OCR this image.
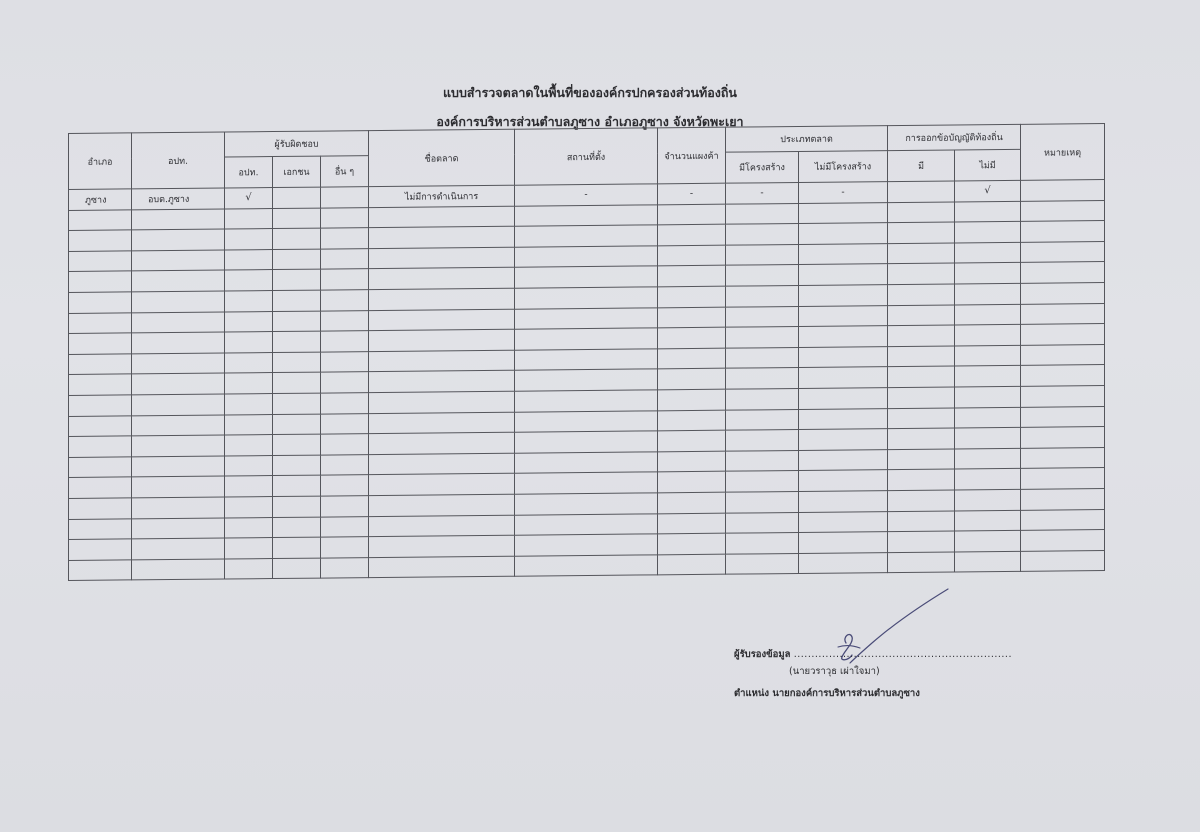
แบบสำรวจตลาดในพื้นที่ขององค์กรปกครองส่วนท้องถิ่น
องค์การบริหารส่วนตำบลภูซาง อำเภอภูซาง จังหวัดพะเยา
อำเภอ	อปท.	ผู้รับผิดชอบ			ชื่อตลาด	สถานที่ตั้ง	จำนวนแผงค้า	ประเภทตลาด		การออกข้อบัญญัติท้องถิ่น		หมายเหตุ
		อปท.	เอกชน	อื่น ๆ				มีโครงสร้าง	ไม่มีโครงสร้าง	มี	ไม่มี	
ภูซาง	อบต.ภูซาง	√			ไม่มีการดำเนินการ	-	-	-	-		√	

ผู้รับรองข้อมูล ..............................................................
(นายวราวุธ เผ่าใจมา)
ตำแหน่ง นายกองค์การบริหารส่วนตำบลภูซาง
